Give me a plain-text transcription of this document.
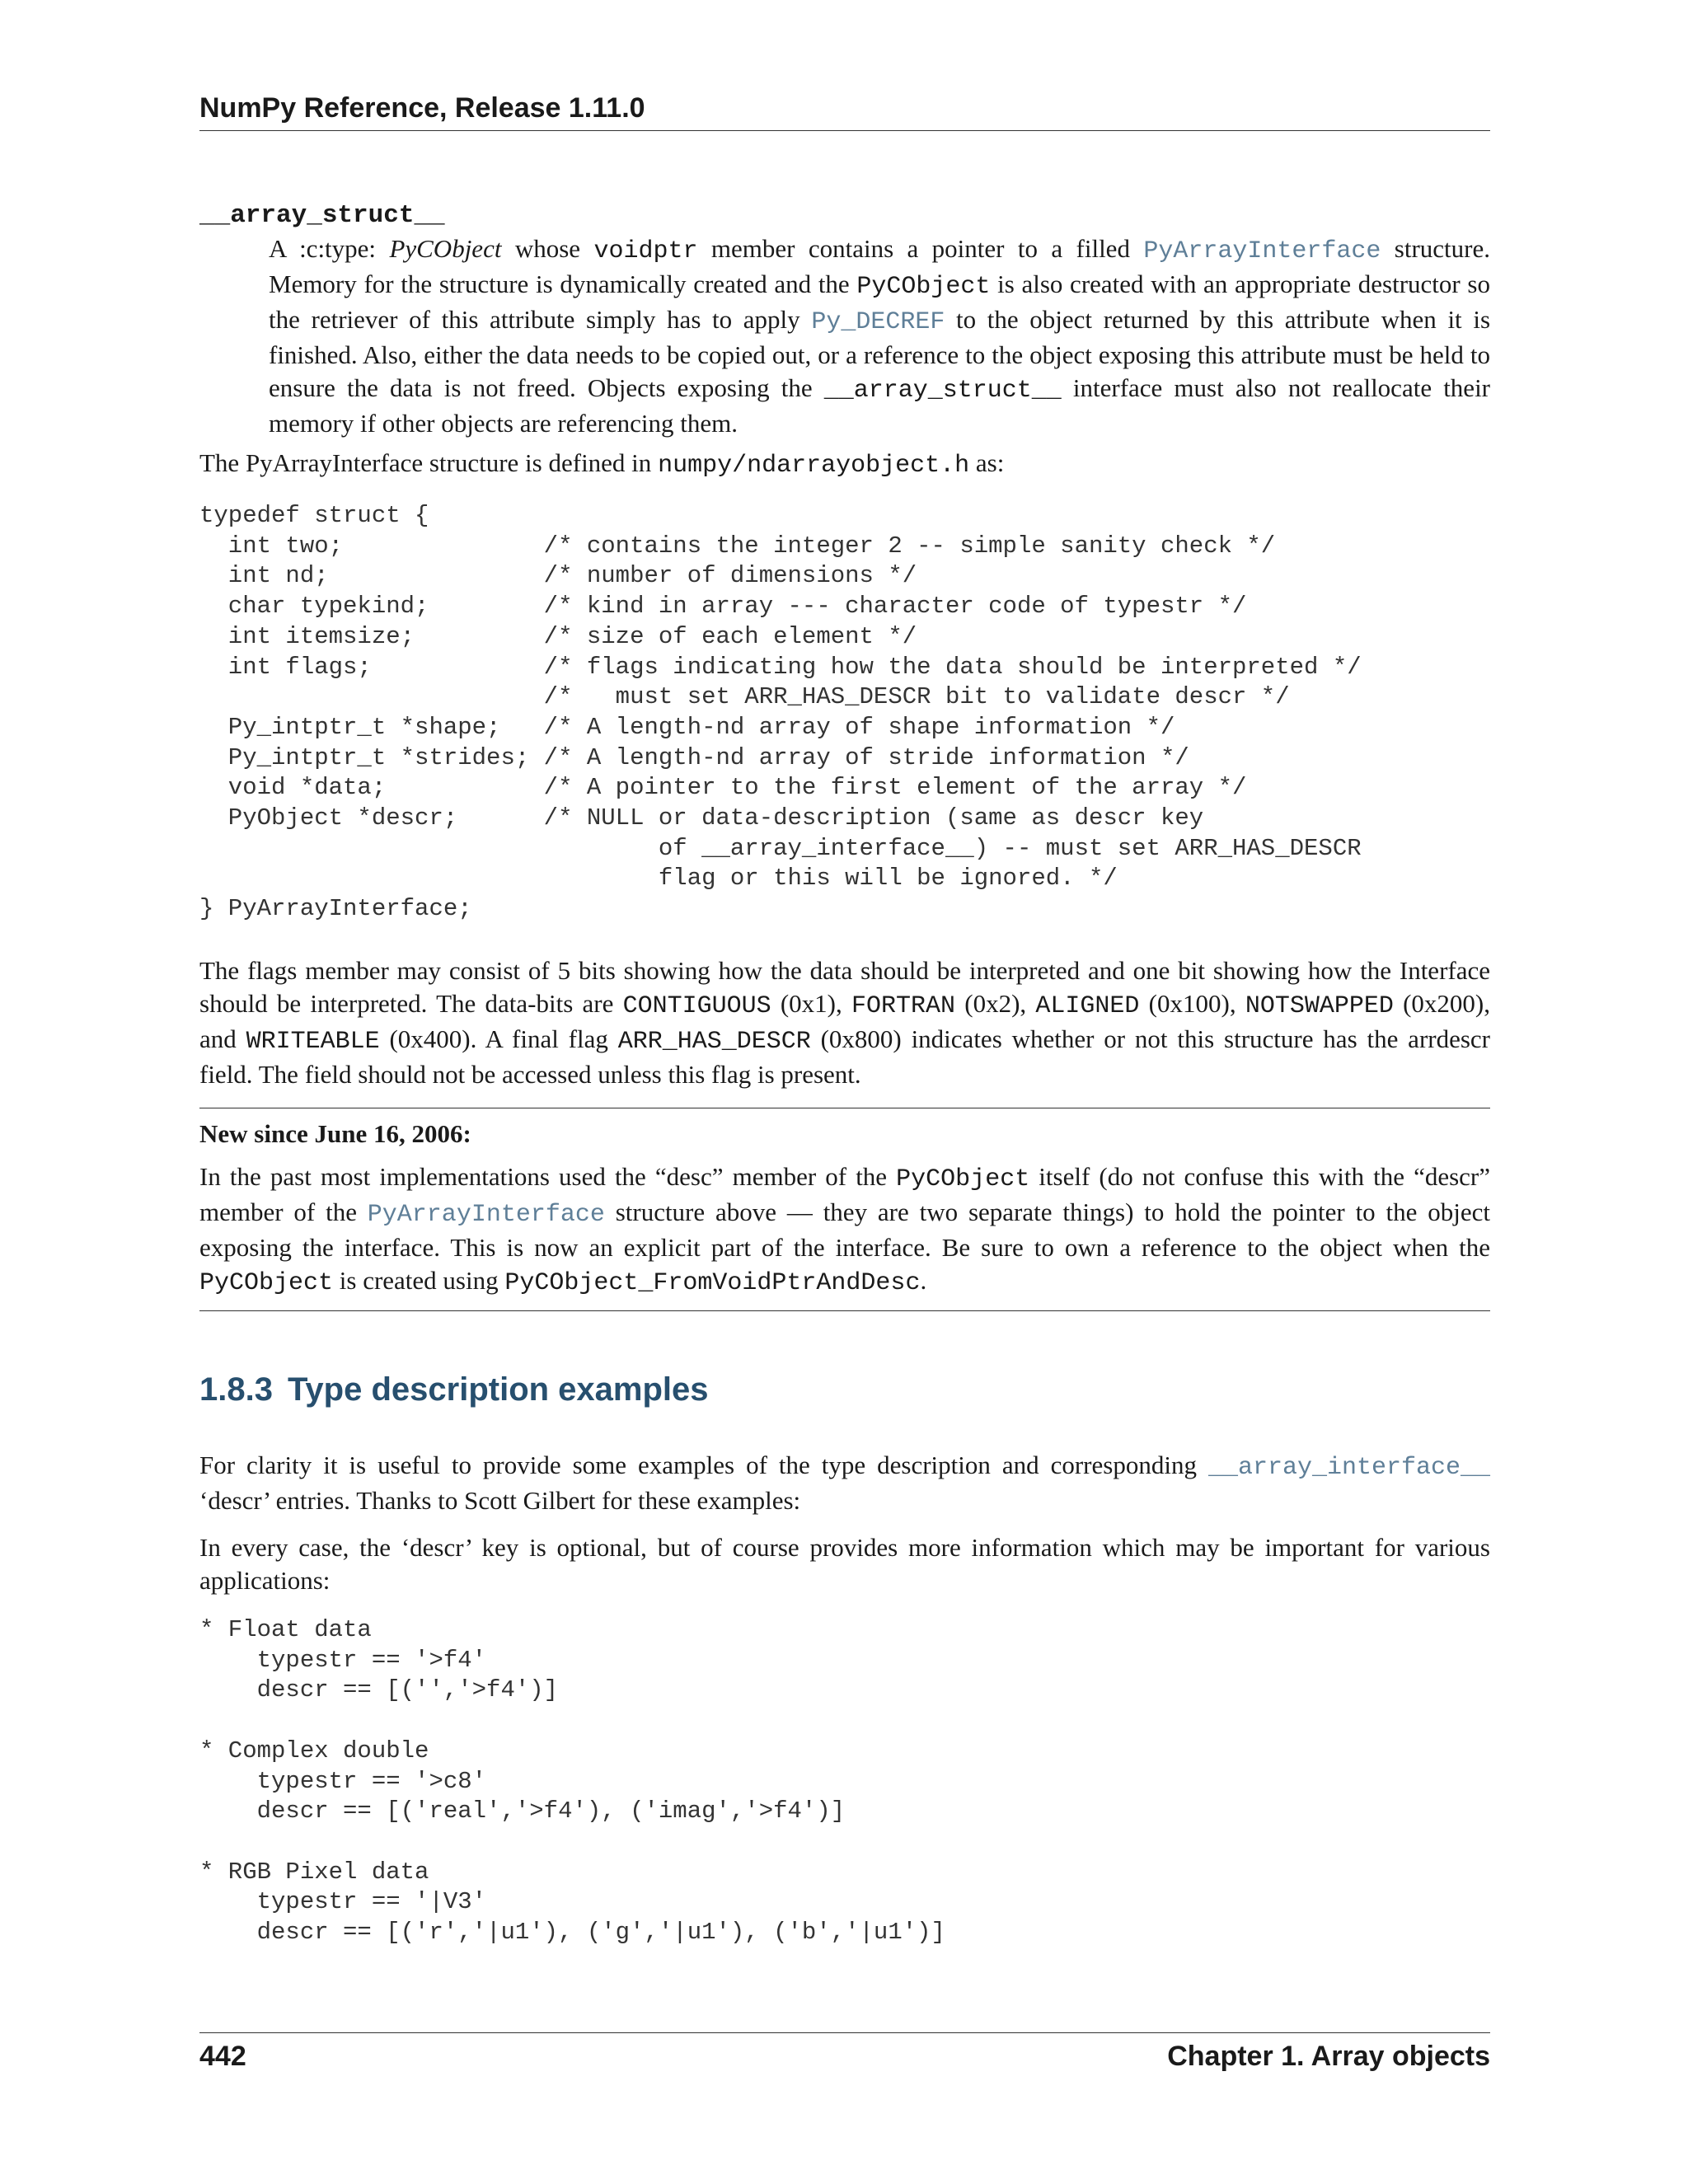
NumPy Reference, Release 1.11.0
__array_struct__

A :c:type: PyCObject whose voidptr member contains a pointer to a filled PyArrayInterface structure. Memory for the structure is dynamically created and the PyCObject is also created with an appropriate destructor so the retriever of this attribute simply has to apply Py_DECREF to the object returned by this attribute when it is finished. Also, either the data needs to be copied out, or a reference to the object exposing this attribute must be held to ensure the data is not freed. Objects exposing the __array_struct__ interface must also not reallocate their memory if other objects are referencing them.

The PyArrayInterface structure is defined in numpy/ndarrayobject.h as:

typedef struct {
int two;              /* contains the integer 2 -- simple sanity check */
int nd;               /* number of dimensions */
char typekind;        /* kind in array --- character code of typestr */
int itemsize;         /* size of each element */
int flags;            /* flags indicating how the data should be interpreted */
/*   must set ARR_HAS_DESCR bit to validate descr */
Py_intptr_t *shape;   /* A length-nd array of shape information */
Py_intptr_t *strides; /* A length-nd array of stride information */
void *data;           /* A pointer to the first element of the array */
PyObject *descr;      /* NULL or data-description (same as descr key
of __array_interface__) -- must set ARR_HAS_DESCR
flag or this will be ignored. */
} PyArrayInterface;

The flags member may consist of 5 bits showing how the data should be interpreted and one bit showing how the Interface should be interpreted. The data-bits are CONTIGUOUS (0x1), FORTRAN (0x2), ALIGNED (0x100), NOTSWAPPED (0x200), and WRITEABLE (0x400). A final flag ARR_HAS_DESCR (0x800) indicates whether or not this structure has the arrdescr field. The field should not be accessed unless this flag is present.

New since June 16, 2006:

In the past most implementations used the “desc” member of the PyCObject itself (do not confuse this with the “descr” member of the PyArrayInterface structure above — they are two separate things) to hold the pointer to the object exposing the interface. This is now an explicit part of the interface. Be sure to own a reference to the object when the PyCObject is created using PyCObject_FromVoidPtrAndDesc.

1.8.3 Type description examples

For clarity it is useful to provide some examples of the type description and corresponding __array_interface__ ‘descr’ entries. Thanks to Scott Gilbert for these examples:

In every case, the ‘descr’ key is optional, but of course provides more information which may be important for various applications:

* Float data
typestr == '>f4'
descr == [('','>f4')]

* Complex double
typestr == '>c8'
descr == [('real','>f4'), ('imag','>f4')]

* RGB Pixel data
typestr == '|V3'
descr == [('r','|u1'), ('g','|u1'), ('b','|u1')]
442	Chapter 1. Array objects
